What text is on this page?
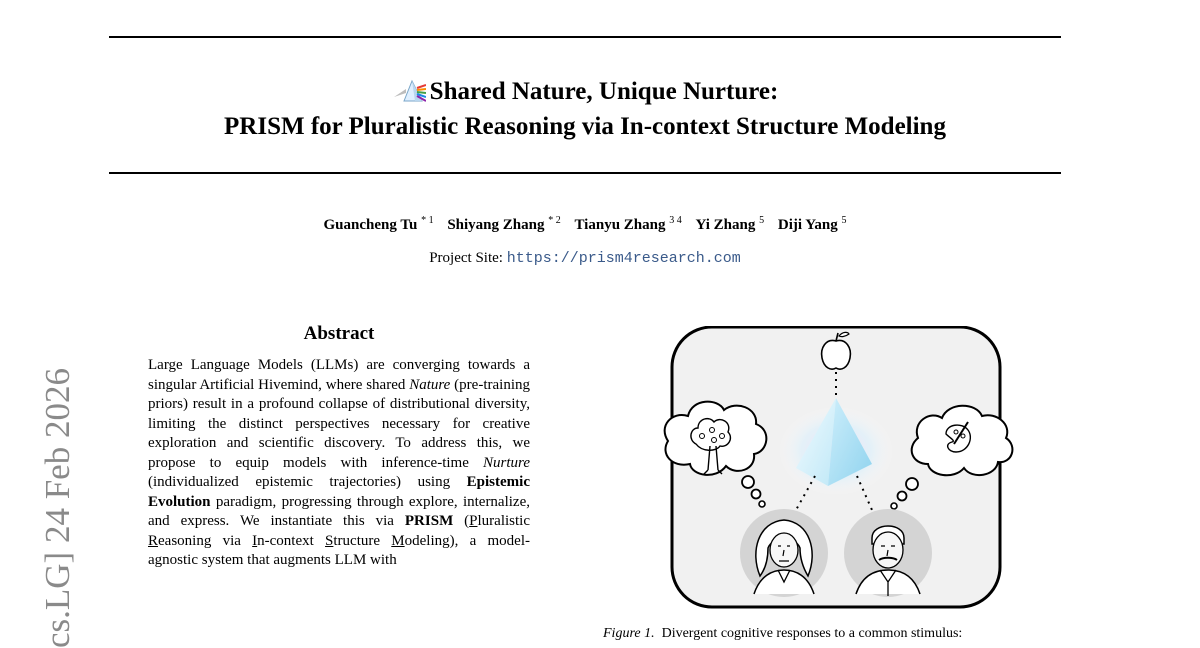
Shared Nature, Unique Nurture:
PRISM for Pluralistic Reasoning via In-context Structure Modeling
Guancheng Tu $^{* 1}$ Shiyang Zhang $^{* 2}$ Tianyu Zhang $^{3 4}$ Yi Zhang $^5$ Diji Yang $^5$
Project Site: https://prism4research.com
cs.LG] 24 Feb 2026
Abstract

Large Language Models (LLMs) are converging towards a singular Artificial Hivemind, where shared Nature (pre-training priors) result in a profound collapse of distributional diversity, limiting the distinct perspectives necessary for creative exploration and scientific discovery. To address this, we propose to equip models with inference-time Nurture (individualized epistemic trajectories) using Epistemic Evolution paradigm, progressing through explore, internalize, and express. We instantiate this via PRISM (Pluralistic Reasoning via In-context Structure Modeling), a model-agnostic system that augments LLM with

Figure 1. Divergent cognitive responses to a common stimulus:
